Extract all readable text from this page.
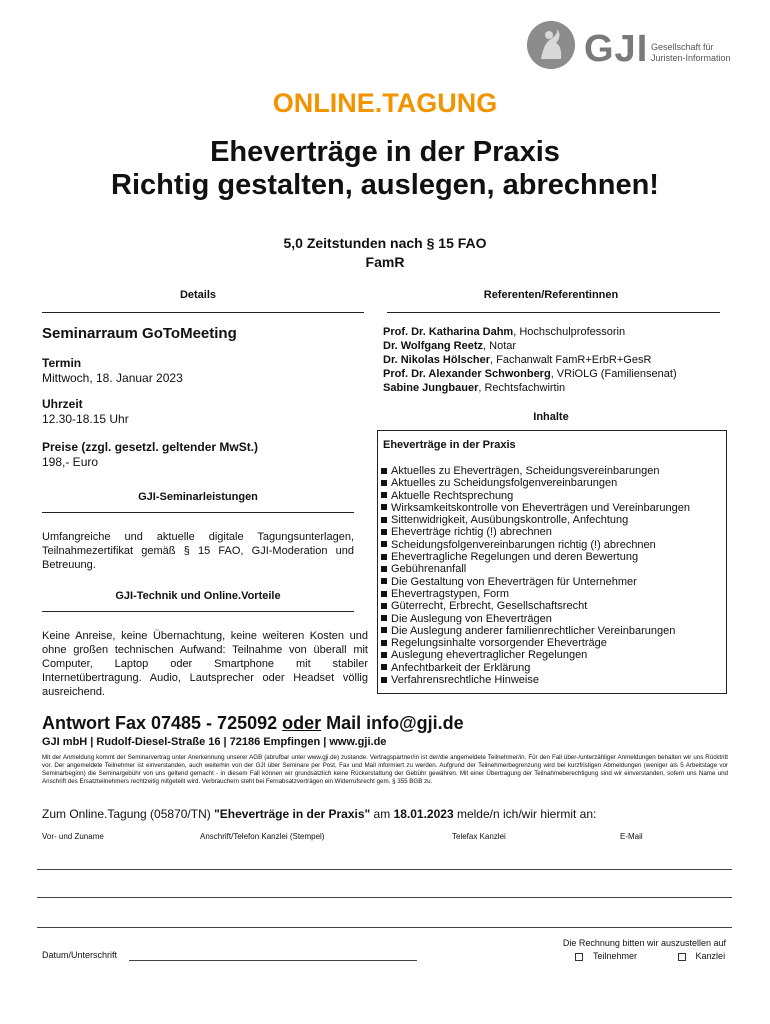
GJI Gesellschaft für
Juristen-Information
ONLINE.TAGUNG
Eheverträge in der Praxis
Richtig gestalten, auslegen, abrechnen!
5,0 Zeitstunden nach § 15 FAO
FamR
Details
Seminarraum GoToMeeting
Termin
Mittwoch, 18. Januar 2023
Uhrzeit
12.30-18.15 Uhr
Preise (zzgl. gesetzl. geltender MwSt.)
198,- Euro
GJI-Seminarleistungen
Umfangreiche und aktuelle digitale Tagungsunterlagen, Teilnahmezertifikat gemäß § 15 FAO, GJI-Moderation und Betreuung.
GJI-Technik und Online.Vorteile
Keine Anreise, keine Übernachtung, keine weiteren Kosten und ohne großen technischen Aufwand: Teilnahme von überall mit Computer, Laptop oder Smartphone mit stabiler Internetübertragung. Audio, Lautsprecher oder Headset völlig ausreichend.
Referenten/Referentinnen
Prof. Dr. Katharina Dahm, Hochschulprofessorin
Dr. Wolfgang Reetz, Notar
Dr. Nikolas Hölscher, Fachanwalt FamR+ErbR+GesR
Prof. Dr. Alexander Schwonberg, VRiOLG (Familiensenat)
Sabine Jungbauer, Rechtsfachwirtin
Inhalte
Eheverträge in der Praxis
Aktuelles zu Eheverträgen, Scheidungsvereinbarungen
Aktuelles zu Scheidungsfolgenvereinbarungen
Aktuelle Rechtsprechung
Wirksamkeitskontrolle von Eheverträgen und Vereinbarungen
Sittenwidrigkeit, Ausübungskontrolle, Anfechtung
Eheverträge richtig (!) abrechnen
Scheidungsfolgenvereinbarungen richtig (!) abrechnen
Ehevertragliche Regelungen und deren Bewertung
Gebührenanfall
Die Gestaltung von Eheverträgen für Unternehmer
Ehevertragstypen, Form
Güterrecht, Erbrecht, Gesellschaftsrecht
Die Auslegung von Eheverträgen
Die Auslegung anderer familienrechtlicher Vereinbarungen
Regelungsinhalte vorsorgender Eheverträge
Auslegung ehevertraglicher Regelungen
Anfechtbarkeit der Erklärung
Verfahrensrechtliche Hinweise
Antwort Fax 07485 - 725092 oder Mail info@gji.de
GJI mbH | Rudolf-Diesel-Straße 16 | 72186 Empfingen | www.gji.de
Mit der Anmeldung kommt der Seminarvertrag unter Anerkennung unserer AGB (abrufbar unter www.gji.de) zustande. Vertragspartner/in ist der/die angemeldete Teilnehmer/in. Für den Fall über-/unterzähliger Anmeldungen behalten wir uns Rücktritt vor. Der angemeldete Teilnehmer ist einverstanden, auch weiterhin von der GJI über Seminare per Post, Fax und Mail informiert zu werden. Aufgrund der Teilnehmerbegrenzung wird bei kurzfristigen Abmeldungen (weniger als 5 Arbeitstage vor Seminarbeginn) die Seminargebühr von uns geltend gemacht - in diesem Fall können wir grundsätzlich keine Rückerstattung der Gebühr gewähren. Mit einer Übertragung der Teilnahmeberechtigung sind wir einverstanden, sofern uns Name und Anschrift des Ersatzteilnehmers rechtzeitig mitgeteilt wird. Verbrauchern steht bei Fernabsatzverträgen ein Widerrufsrecht gem. § 355 BGB zu.
Zum Online.Tagung (05870/TN) "Eheverträge in der Praxis" am 18.01.2023 melde/n ich/wir hiermit an:
Vor- und Zuname	Anschrift/Telefon Kanzlei (Stempel)	Telefax Kanzlei	E-Mail
Datum/Unterschrift
Die Rechnung bitten wir auszustellen auf
Teilnehmer	Kanzlei
